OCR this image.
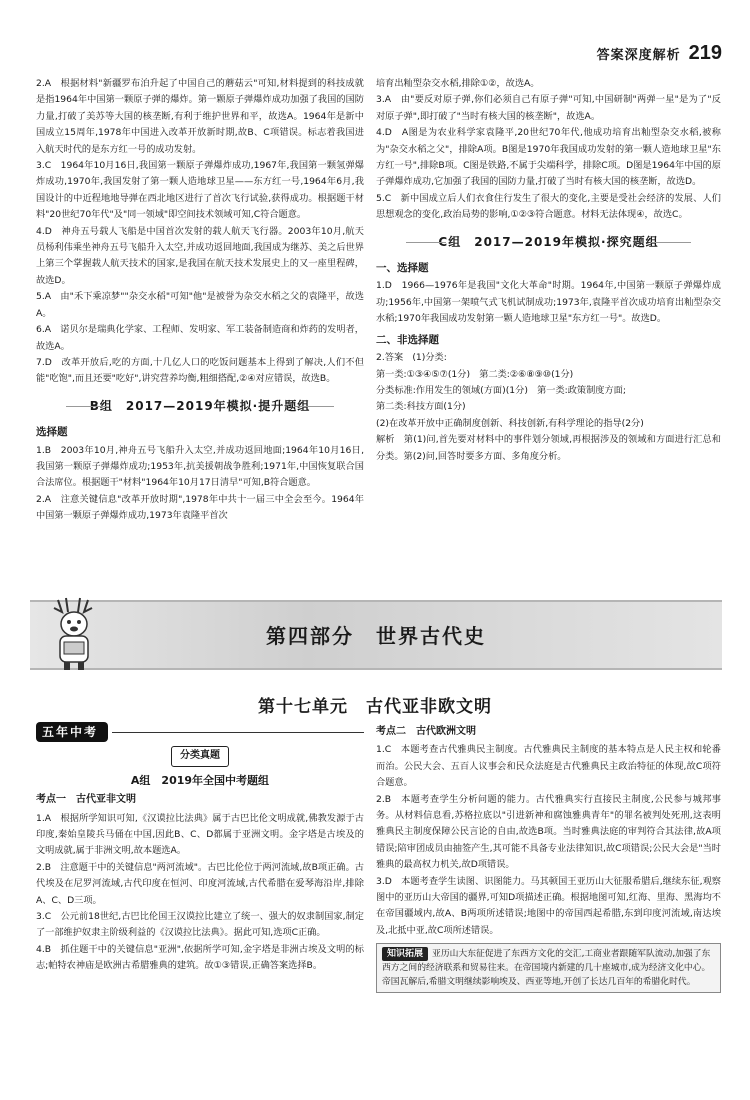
答案深度解析 219

2.A　根据材料"新疆罗布泊升起了中国自己的蘑菇云"可知,材料提到的科技成就是指1964年中国第一颗原子弹的爆炸。第一颗原子弹爆炸成功加强了我国的国防力量,打破了美苏等大国的核垄断,有利于维护世界和平，故选A。1964年是新中国成立15周年,1978年中国进入改革开放新时期,故B、C项错误。标志着我国进入航天时代的是东方红一号的成功发射。

3.C　1964年10月16日,我国第一颗原子弹爆炸成功,1967年,我国第一颗氢弹爆炸成功,1970年,我国发射了第一颗人造地球卫星——东方红一号,1964年6月,我国设计的中近程地地导弹在西北地区进行了首次飞行试验,获得成功。根据题干材料"20世纪70年代"及"同一领域"即空间技术领域可知,C符合题意。

4.D　神舟五号载人飞船是中国首次发射的载人航天飞行器。2003年10月,航天员杨利伟乘坐神舟五号飞船升入太空,并成功返回地面,我国成为继苏、美之后世界上第三个掌握载人航天技术的国家,是我国在航天技术发展史上的又一座里程碑，故选D。

5.A　由"禾下乘凉梦""杂交水稻"可知"他"是被誉为杂交水稻之父的袁隆平，故选A。

6.A　诺贝尔是瑞典化学家、工程师、发明家、军工装备制造商和炸药的发明者，故选A。

7.D　改革开放后,吃的方面,十几亿人口的吃饭问题基本上得到了解决,人们不但能"吃饱",而且还要"吃好",讲究营养均衡,粗细搭配,②④对应错误，故选B。

B组　2017—2019年模拟·提升题组
选择题

1.B　2003年10月,神舟五号飞船升入太空,并成功返回地面;1964年10月16日,我国第一颗原子弹爆炸成功;1953年,抗美援朝战争胜利;1971年,中国恢复联合国合法席位。根据题干"材料"1964年10月17日清早"可知,B符合题意。

2.A　注意关键信息"改革开放时期",1978年中共十一届三中全会至今。1964年中国第一颗原子弹爆炸成功,1973年袁隆平首次

培育出籼型杂交水稻,排除①②，故选A。

3.A　由"要反对原子弹,你们必须自己有原子弹"可知,中国研制"两弹一星"是为了"反对原子弹",即打破了"当时有核大国的核垄断"，故选A。

4.D　A图是为农业科学家袁隆平,20世纪70年代,他成功培育出籼型杂交水稻,被称为"杂交水稻之父"，排除A项。B图是1970年我国成功发射的第一颗人造地球卫星"东方红一号",排除B项。C图是铁路,不属于尖端科学，排除C项。D图是1964年中国的原子弹爆炸成功,它加强了我国的国防力量,打破了当时有核大国的核垄断，故选D。

5.C　新中国成立后人们衣食住行发生了很大的变化,主要是受社会经济的发展、人们思想观念的变化,政治局势的影响,①②③符合题意。材料无法体现④，故选C。

C组　2017—2019年模拟·探究题组
一、选择题

1.D　1966—1976年是我国"文化大革命"时期。1964年,中国第一颗原子弹爆炸成功;1956年,中国第一架喷气式飞机试制成功;1973年,袁隆平首次成功培育出籼型杂交水稻;1970年我国成功发射第一颗人造地球卫星"东方红一号"。故选D。

二、非选择题

2.答案　(1)分类:

第一类:①③④⑤⑦(1分)　第二类:②⑥⑧⑨⑩(1分)

分类标准:作用发生的领域(方面)(1分)　第一类:政策制度方面;

第二类:科技方面(1分)

(2)在改革开放中正确制度创新、科技创新,有科学理论的指导(2分)

解析　第(1)问,首先要对材料中的事件划分领域,再根据涉及的领域和方面进行汇总和分类。第(2)问,回答时要多方面、多角度分析。

第四部分　世界古代史
第十七单元　古代亚非欧文明
五年中考
分类真题
A组　2019年全国中考题组
考点一　古代亚非文明

1.A　根据所学知识可知,《汉谟拉比法典》属于古巴比伦文明成就,佛教发源于古印度,秦始皇陵兵马俑在中国,因此B、C、D都属于亚洲文明。金字塔是古埃及的文明成就,属于非洲文明,故本题选A。

2.B　注意题干中的关键信息"两河流域"。古巴比伦位于两河流域,故B项正确。古代埃及在尼罗河流域,古代印度在恒河、印度河流域,古代希腊在爱琴海沿岸,排除A、C、D三项。

3.C　公元前18世纪,古巴比伦国王汉谟拉比建立了统一、强大的奴隶制国家,制定了一部维护奴隶主阶级利益的《汉谟拉比法典》。据此可知,选项C正确。

4.B　抓住题干中的关键信息"亚洲",依据所学可知,金字塔是非洲古埃及文明的标志;帕特农神庙是欧洲古希腊雅典的建筑。故①③错误,正确答案选择B。

考点二　古代欧洲文明

1.C　本题考查古代雅典民主制度。古代雅典民主制度的基本特点是人民主权和轮番而治。公民大会、五百人议事会和民众法庭是古代雅典民主政治特征的体现,故C项符合题意。

2.B　本题考查学生分析问题的能力。古代雅典实行直接民主制度,公民参与城邦事务。从材料信息看,苏格拉底以"引进新神和腐蚀雅典青年"的罪名被判处死刑,这表明雅典民主制度保障公民言论的自由,故选B项。当时雅典法庭的审判符合其法律,故A项错误;陪审团成员由抽签产生,其可能不具备专业法律知识,故C项错误;公民大会是"当时雅典的最高权力机关,故D项错误。

3.D　本题考查学生读图、识图能力。马其顿国王亚历山大征服希腊后,继续东征,观察图中的亚历山大帝国的疆界,可知D项描述正确。根据地图可知,红海、里海、黑海均不在帝国疆域内,故A、B两项所述错误;地图中的帝国西起希腊,东到印度河流域,南达埃及,北抵中亚,故C项所述错误。

知识拓展 亚历山大东征促进了东西方文化的交汇,工商业者跟随军队流动,加强了东西方之间的经济联系和贸易往来。在帝国境内新建的几十座城市,成为经济文化中心。帝国瓦解后,希腊文明继续影响埃及、西亚等地,开创了长达几百年的希腊化时代。
